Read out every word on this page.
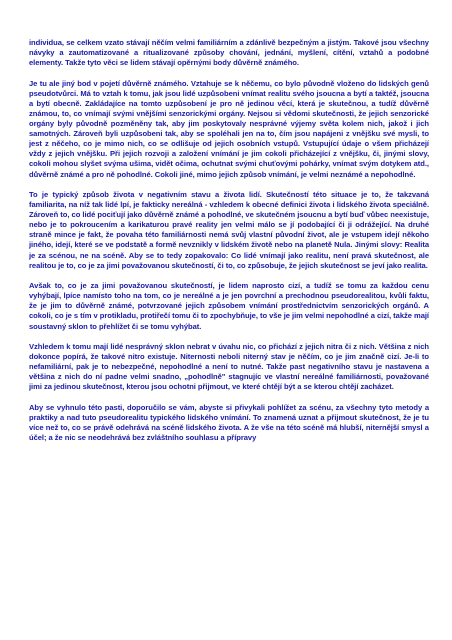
individua, se celkem vzato stávají něčím velmi familiárním a zdánlivě bezpečným a jistým. Takové jsou všechny návyky a zautomatizované a ritualizované způsoby chování, jednání, myšlení, cítění, vztahů a podobné elementy. Takže tyto věci se lidem stávají opěrnými body důvěrně známého.

Je tu ale jiný bod v pojetí důvěrně známého. Vztahuje se k něčemu, co bylo původně vloženo do lidských genů pseudotvůrci. Má to vztah k tomu, jak jsou lidé uzpůsobeni vnímat realitu svého jsoucna a bytí a taktéž, jsoucna a bytí obecně. Zakládajíce na tomto uzpůsobení je pro ně jedinou věcí, která je skutečnou, a tudíž důvěrně známou, to, co vnímají svými vnějšími senzorickými orgány. Nejsou si vědomi skutečnosti, že jejich senzorické orgány byly původně pozměněny tak, aby jim poskytovaly nesprávné výjemy světa kolem nich, jakož i jich samotných. Zároveň byli uzpůsobeni tak, aby se spoléhali jen na to, čím jsou napájeni z vnějšku své mysli, to jest z něčeho, co je mimo nich, co se odlišuje od jejich osobních vstupů. Vstupující údaje o všem přicházejí vždy z jejich vnějšku. Při jejich rozvoji a založení vnímání je jim cokoli přicházející z vnějšku, či, jinými slovy, cokoli mohou slyšet svýma ušima, vidět očima, ochutnat svými chuťovými pohárky, vnímat svým dotykem atd., důvěrně známé a pro ně pohodlné. Cokoli jiné, mimo jejich způsob vnímání, je velmi neznámé a nepohodlné.

To je typický způsob života v negativním stavu a života lidí. Skutečností této situace je to, že takzvaná familiarita, na níž tak lidé lpí, je fakticky nereálná - vzhledem k obecné definici života i lidského života speciálně. Zároveň to, co lidé pociťují jako důvěrně známé a pohodlné, ve skutečném jsoucnu a bytí buď vůbec neexistuje, nebo je to pokroucením a karikaturou pravé reality jen velmi málo se jí podobající či ji odrážející. Na druhé straně mince je fakt, že povaha této familiárnosti nemá svůj vlastní původní život, ale je vstupem idejí někoho jiného, idejí, které se ve podstatě a formě nevznikly v lidském životě nebo na planetě Nula. Jinými slovy: Realita je za scénou, ne na scéně. Aby se to tedy zopakovalo: Co lidé vnímají jako realitu, není pravá skutečnost, ale realitou je to, co je za jimi považovanou skutečností, či to, co způsobuje, že jejich skutečnost se jeví jako realita.

Avšak to, co je za jimi považovanou skutečností, je lidem naprosto cizí, a tudíž se tomu za každou cenu vyhýbají, lpíce namísto toho na tom, co je nereálné a je jen povrchní a prechodnou pseudorealitou, kvůli faktu, že je jim to důvěrně známé, potvrzované jejich způsobem vnímání prostřednictvím senzorických orgánů. A cokoli, co je s tím v protikladu, protiřečí tomu či to zpochybňuje, to vše je jim velmi nepohodlné a cizí, takže mají soustavný sklon to přehlížet či se tomu vyhýbat.

Vzhledem k tomu mají lidé nesprávný sklon nebrat v úvahu nic, co přichází z jejich nitra či z nich. Většina z nich dokonce popírá, že takové nitro existuje. Niternosti neboli niterný stav je něčím, co je jim značně cizí. Je-li to nefamiliární, pak je to nebezpečné, nepohodlné a není to nutné. Takže past negativního stavu je nastavena a většina z nich do ní padne velmi snadno, „pohodlně" stagnujíc ve vlastní nereálné familiárnosti, považované jimi za jedinou skutečnost, kterou jsou ochotni přijmout, ve které chtějí být a se kterou chtějí zacházet.

Aby se vyhnulo této pasti, doporučilo se vám, abyste si přivykali pohlížet za scénu, za všechny tyto metody a praktiky a nad tuto pseudorealitu typického lidského vnímání. To znamená uznat a přijmout skutečnost, že je tu více než to, co se právě odehrává na scéně lidského života. A že vše na této scéně má hlubší, niternější smysl a účel; a že nic se neodehrává bez zvláštního souhlasu a přípravy
